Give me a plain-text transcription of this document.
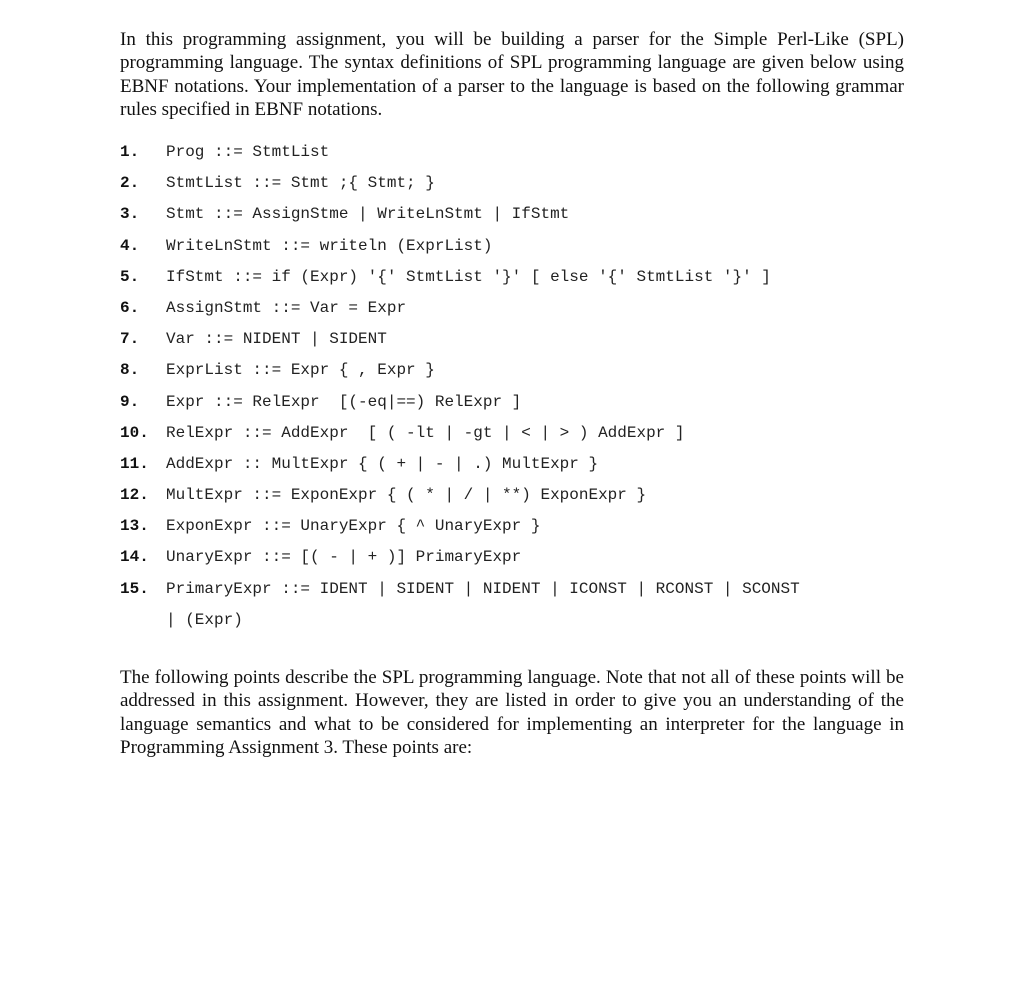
In this programming assignment, you will be building a parser for the Simple Perl-Like (SPL) programming language. The syntax definitions of SPL programming language are given below using EBNF notations. Your implementation of a parser to the language is based on the following grammar rules specified in EBNF notations.

1.	Prog ::= StmtList
2.	StmtList ::= Stmt ;{ Stmt; }
3.	Stmt ::= AssignStme | WriteLnStmt | IfStmt
4.	WriteLnStmt ::= writeln (ExprList)
5.	IfStmt ::= if (Expr) '{' StmtList '}' [ else '{' StmtList '}' ]
6.	AssignStmt ::= Var = Expr
7.	Var ::= NIDENT | SIDENT
8.	ExprList ::= Expr { , Expr }
9.	Expr ::= RelExpr  [(-eq|==) RelExpr ]
10.	RelExpr ::= AddExpr  [ ( -lt | -gt | < | > ) AddExpr ]
11.	AddExpr :: MultExpr { ( + | - | .) MultExpr }
12.	MultExpr ::= ExponExpr { ( * | / | **) ExponExpr }
13.	ExponExpr ::= UnaryExpr { ^ UnaryExpr }
14.	UnaryExpr ::= [( - | + )] PrimaryExpr
15.	PrimaryExpr ::= IDENT | SIDENT | NIDENT | ICONST | RCONST | SCONST
| (Expr)

The following points describe the SPL programming language. Note that not all of these points will be addressed in this assignment. However, they are listed in order to give you an understanding of the language semantics and what to be considered for implementing an interpreter for the language in Programming Assignment 3. These points are:
